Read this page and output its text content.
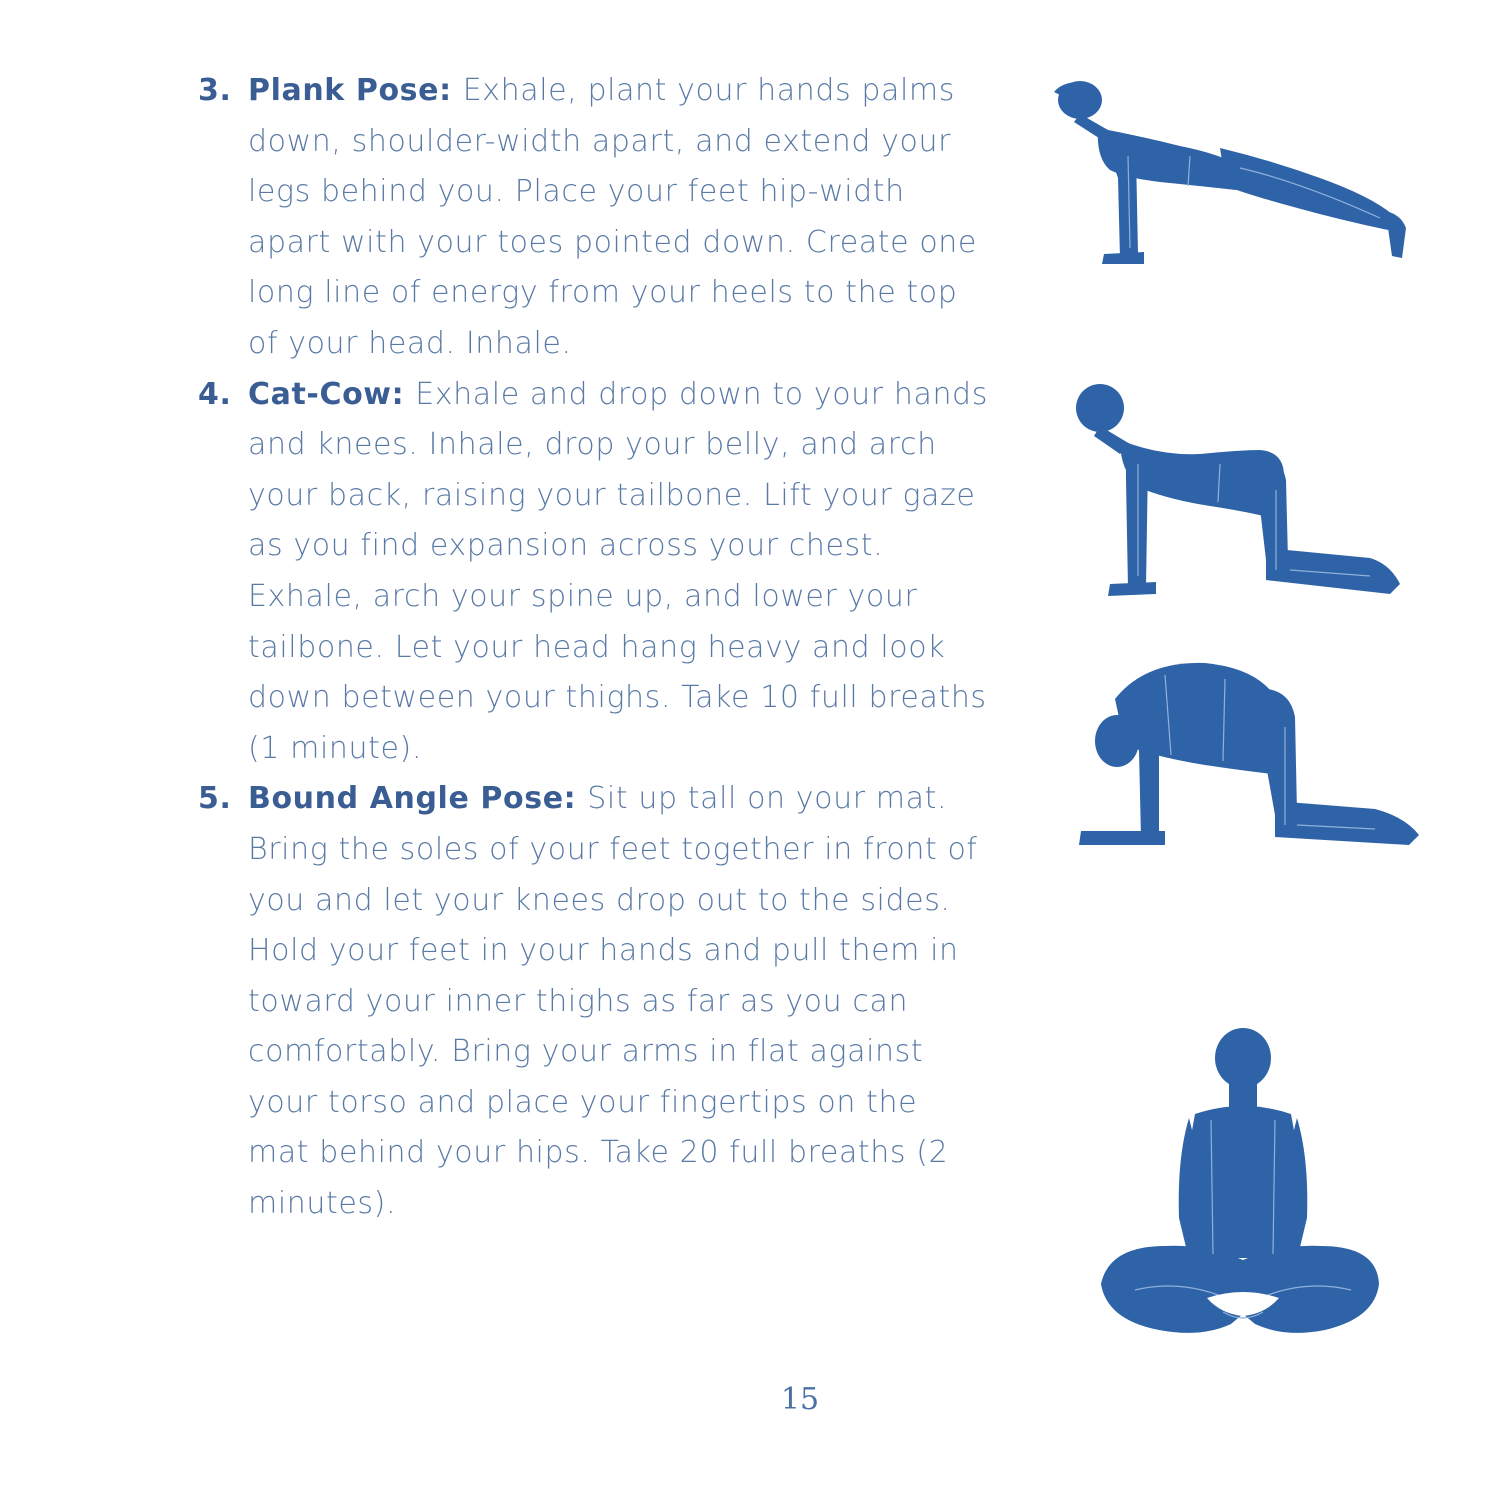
3. Plank Pose: Exhale, plant your hands palms down, shoulder-width apart, and extend your legs behind you. Place your feet hip-width apart with your toes pointed down. Create one long line of energy from your heels to the top of your head. Inhale.
4. Cat-Cow: Exhale and drop down to your hands and knees. Inhale, drop your belly, and arch your back, raising your tailbone. Lift your gaze as you find expansion across your chest. Exhale, arch your spine up, and lower your tailbone. Let your head hang heavy and look down between your thighs. Take 10 full breaths (1 minute).
5. Bound Angle Pose: Sit up tall on your mat. Bring the soles of your feet together in front of you and let your knees drop out to the sides. Hold your feet in your hands and pull them in toward your inner thighs as far as you can comfortably. Bring your arms in flat against your torso and place your fingertips on the mat behind your hips. Take 20 full breaths (2 minutes).
15
